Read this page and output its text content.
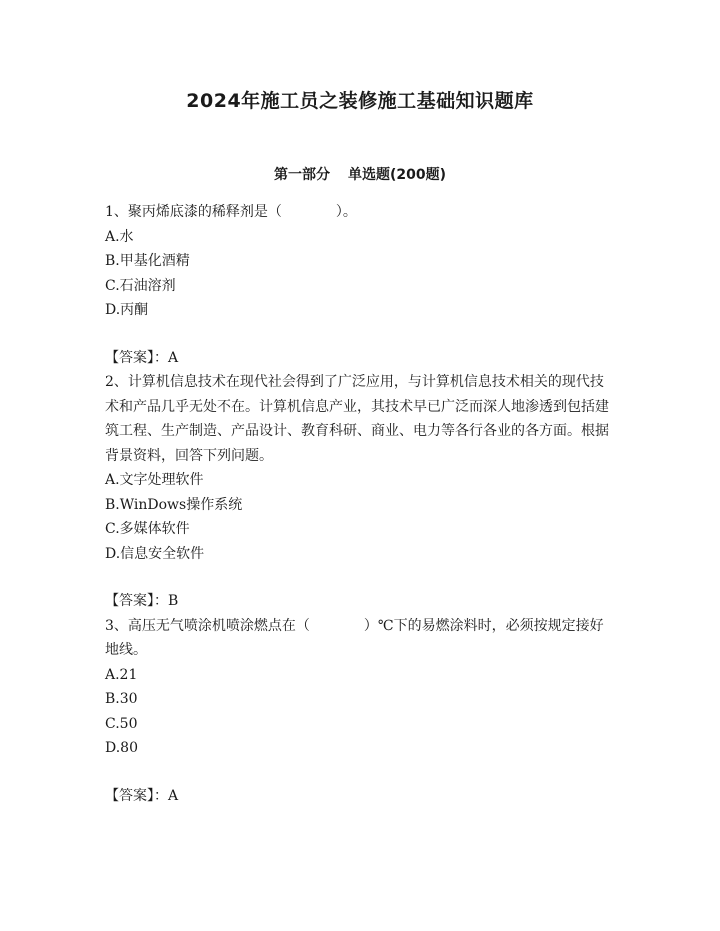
2024年施工员之装修施工基础知识题库
第一部分 单选题(200题)

1、聚丙烯底漆的稀释剂是（	）。

A.水

B.甲基化酒精

C.石油溶剂

D.丙酮

【答案】：A

2、计算机信息技术在现代社会得到了广泛应用，与计算机信息技术相关的现代技术和产品几乎无处不在。计算机信息产业，其技术早已广泛而深人地渗透到包括建筑工程、生产制造、产品设计、教育科研、商业、电力等各行各业的各方面。根据背景资料，回答下列问题。

A.文字处理软件

B.WinDows操作系统

C.多媒体软件

D.信息安全软件

【答案】：B

3、高压无气喷涂机喷涂燃点在（	）℃下的易燃涂料时，必须按规定接好地线。

A.21

B.30

C.50

D.80

【答案】：A
